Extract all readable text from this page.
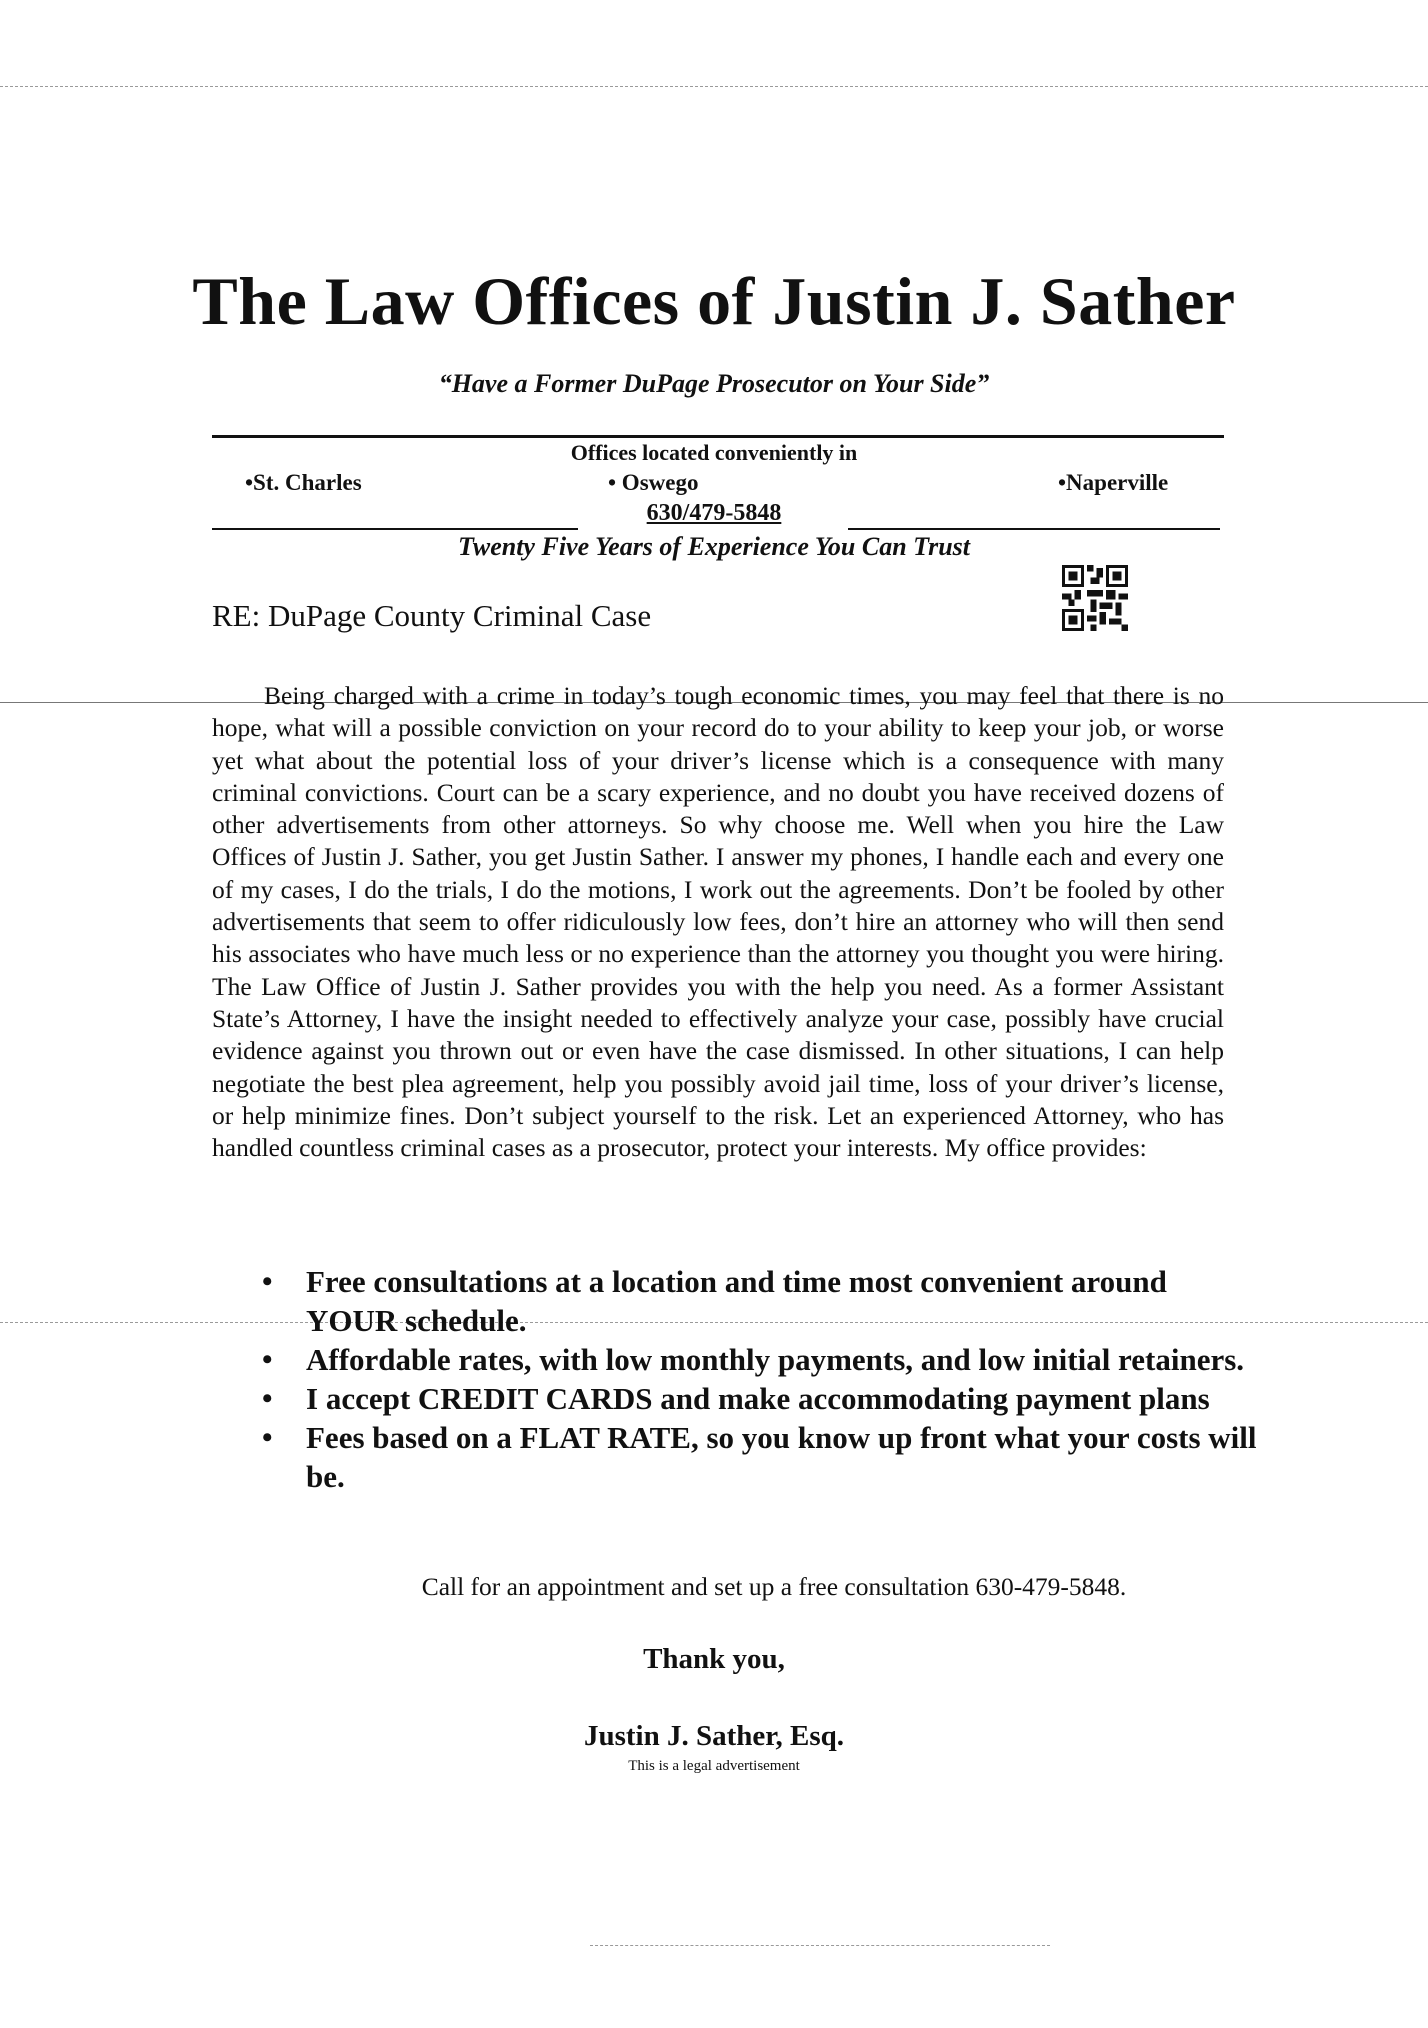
The Law Offices of Justin J. Sather
“Have a Former DuPage Prosecutor on Your Side”
Offices located conveniently in
•St. Charles	• Oswego	•Naperville
630/479-5848
Twenty Five Years of Experience You Can Trust
RE: DuPage County Criminal Case
Being charged with a crime in today’s tough economic times, you may feel that there is no hope, what will a possible conviction on your record do to your ability to keep your job, or worse yet what about the potential loss of your driver’s license which is a consequence with many criminal convictions. Court can be a scary experience, and no doubt you have received dozens of other advertisements from other attorneys. So why choose me. Well when you hire the Law Offices of Justin J. Sather, you get Justin Sather. I answer my phones, I handle each and every one of my cases, I do the trials, I do the motions, I work out the agreements. Don’t be fooled by other advertisements that seem to offer ridiculously low fees, don’t hire an attorney who will then send his associates who have much less or no experience than the attorney you thought you were hiring. The Law Office of Justin J. Sather provides you with the help you need. As a former Assistant State’s Attorney, I have the insight needed to effectively analyze your case, possibly have crucial evidence against you thrown out or even have the case dismissed. In other situations, I can help negotiate the best plea agreement, help you possibly avoid jail time, loss of your driver’s license, or help minimize fines. Don’t subject yourself to the risk. Let an experienced Attorney, who has handled countless criminal cases as a prosecutor, protect your interests. My office provides:
• Free consultations at a location and time most convenient around YOUR schedule.
• Affordable rates, with low monthly payments, and low initial retainers.
• I accept CREDIT CARDS and make accommodating payment plans
• Fees based on a FLAT RATE, so you know up front what your costs will be.
Call for an appointment and set up a free consultation 630-479-5848.
Thank you,
Justin J. Sather, Esq.
This is a legal advertisement
